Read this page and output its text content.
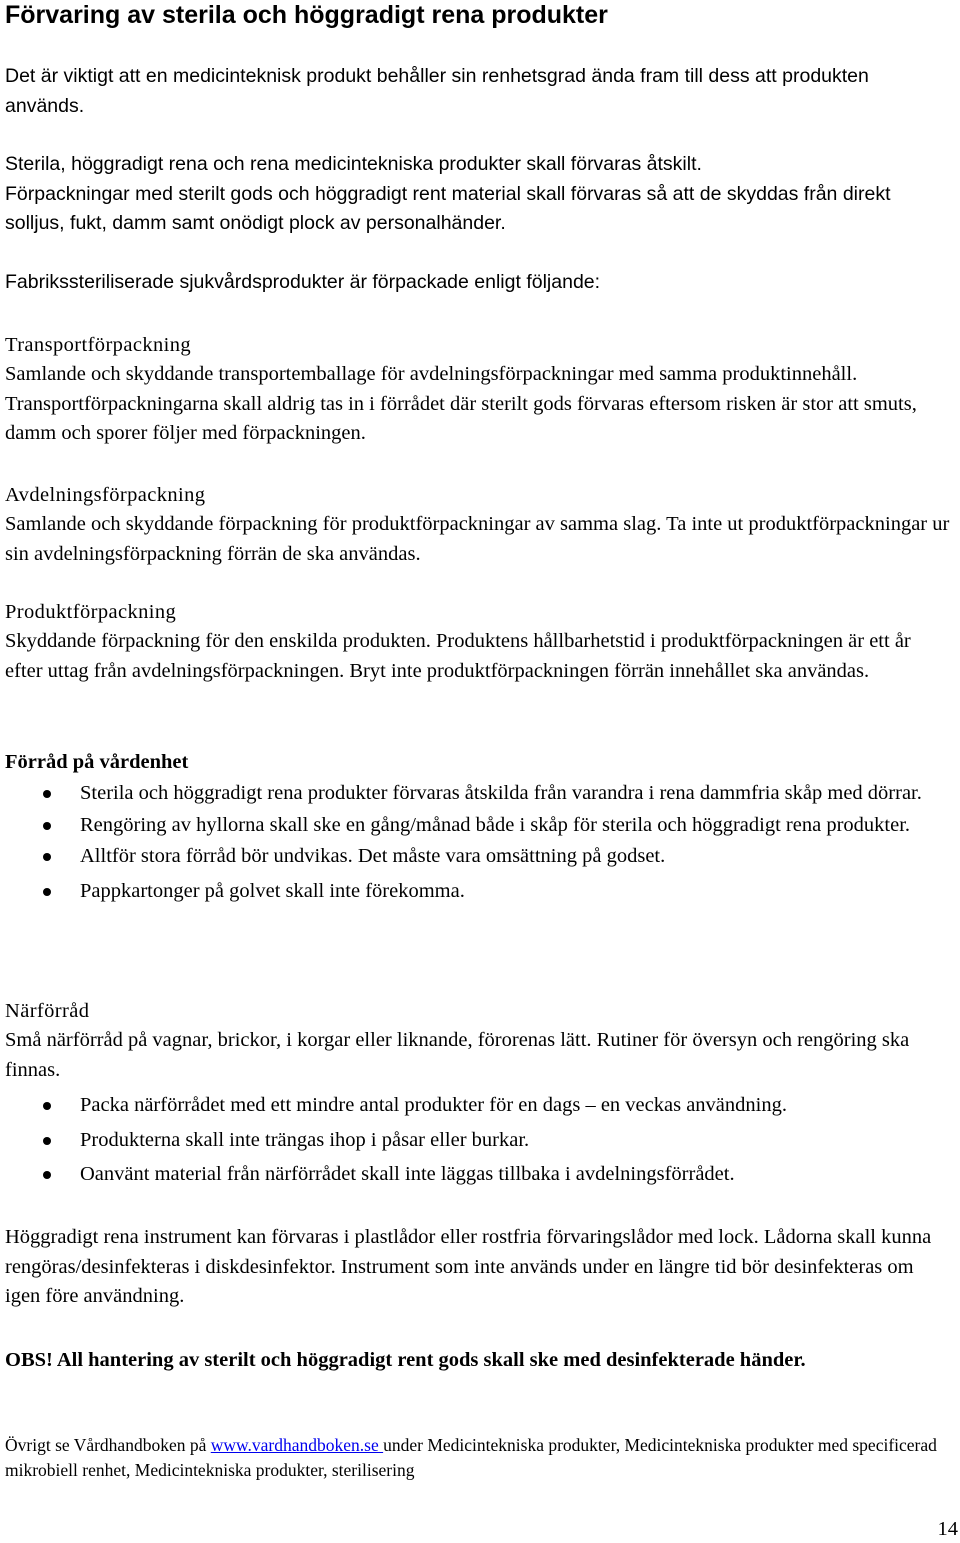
Förvaring av sterila och höggradigt rena produkter

Det är viktigt att en medicinteknisk produkt behåller sin renhetsgrad ända fram till dess att produkten används.

Sterila, höggradigt rena och rena medicintekniska produkter skall förvaras åtskilt.
Förpackningar med sterilt gods och höggradigt rent material skall förvaras så att de skyddas från direkt solljus, fukt, damm samt onödigt plock av personalhänder.

Fabrikssteriliserade sjukvårdsprodukter är förpackade enligt följande:

Transportförpackning

Samlande och skyddande transportemballage för avdelningsförpackningar med samma produktinnehåll. Transportförpackningarna skall aldrig tas in i förrådet där sterilt gods förvaras eftersom risken är stor att smuts, damm och sporer följer med förpackningen.

Avdelningsförpackning

Samlande och skyddande förpackning för produktförpackningar av samma slag. Ta inte ut produktförpackningar ur sin avdelningsförpackning förrän de ska användas.

Produktförpackning

Skyddande förpackning för den enskilda produkten. Produktens hållbarhetstid i produktförpackningen är ett år efter uttag från avdelningsförpackningen. Bryt inte produktförpackningen förrän innehållet ska användas.

Förråd på vårdenhet
Sterila och höggradigt rena produkter förvaras åtskilda från varandra i rena dammfria skåp med dörrar.
Rengöring av hyllorna skall ske en gång/månad både i skåp för sterila och höggradigt rena produkter.
Alltför stora förråd bör undvikas. Det måste vara omsättning på godset.
Pappkartonger på golvet skall inte förekomma.
Närförråd

Små närförråd på vagnar, brickor, i korgar eller liknande, förorenas lätt. Rutiner för översyn och rengöring ska finnas.

Packa närförrådet med ett mindre antal produkter för en dags – en veckas användning.
Produkterna skall inte trängas ihop i påsar eller burkar.
Oanvänt material från närförrådet skall inte läggas tillbaka i avdelningsförrådet.

Höggradigt rena instrument kan förvaras i plastlådor eller rostfria förvaringslådor med lock. Lådorna skall kunna rengöras/desinfekteras i diskdesinfektor. Instrument som inte används under en längre tid bör desinfekteras om igen före användning.

OBS! All hantering av sterilt och höggradigt rent gods skall ske med desinfekterade händer.

Övrigt se Vårdhandboken på www.vardhandboken.se under Medicintekniska produkter, Medicintekniska produkter med specificerad mikrobiell renhet, Medicintekniska produkter, sterilisering
14
